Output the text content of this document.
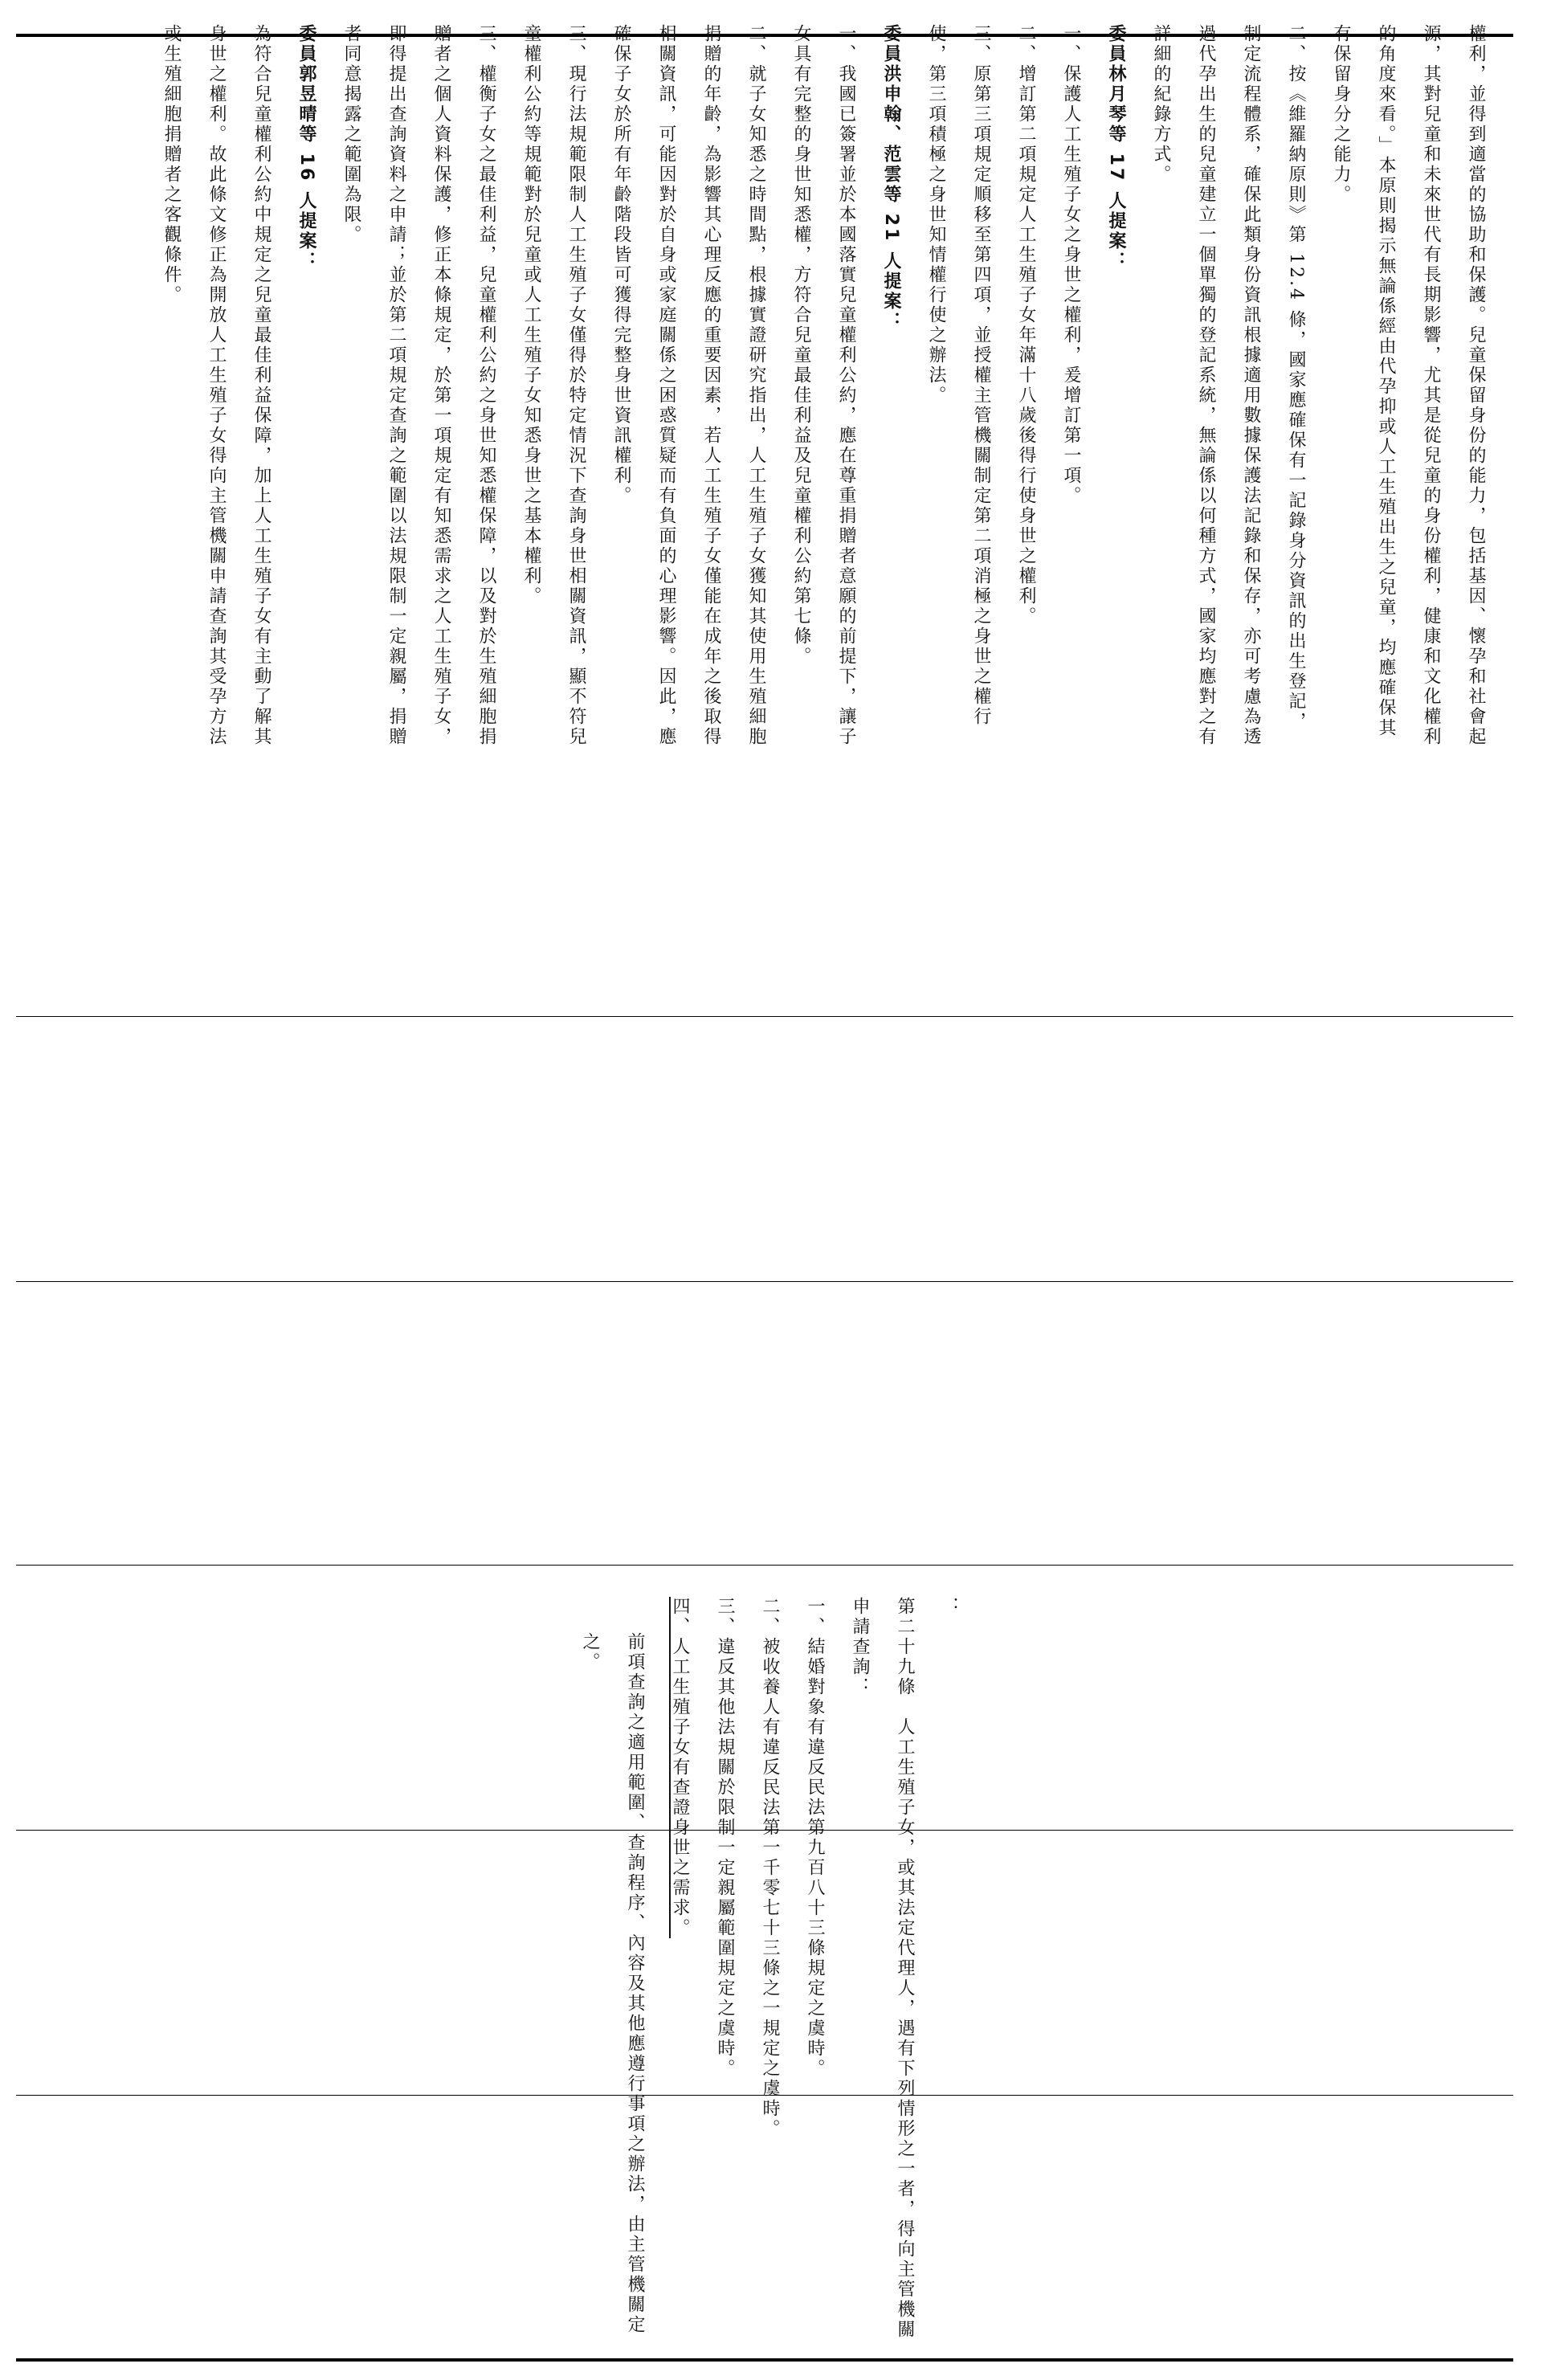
權利，並得到適當的協助和保護。兒童保留身份的能力，包括基因、懷孕和社會起源，其對兒童和未來世代有長期影響，尤其是從兒童的身份權利，健康和文化權利的角度來看。」本原則揭示無論係經由代孕抑或人工生殖出生之兒童，均應確保其有保留身分之能力。
二、按《維羅納原則》第 12.4 條，國家應確保有一記錄身分資訊的出生登記，制定流程體系，確保此類身份資訊根據適用數據保護法記錄和保存，亦可考慮為透過代孕出生的兒童建立一個單獨的登記系統，無論係以何種方式，國家均應對之有詳細的紀錄方式。
委員林月琴等 17 人提案：
一、保護人工生殖子女之身世之權利，爰增訂第一項。
二、增訂第二項規定人工生殖子女年滿十八歲後得行使身世之權利。
三、原第三項規定順移至第四項，並授權主管機關制定第二項消極之身世之權行使，第三項積極之身世知情權行使之辦法。
委員洪申翰、范雲等 21 人提案：
一、我國已簽署並於本國落實兒童權利公約，應在尊重捐贈者意願的前提下，讓子女具有完整的身世知悉權，方符合兒童最佳利益及兒童權利公約第七條。
二、就子女知悉之時間點，根據實證研究指出，人工生殖子女獲知其使用生殖細胞捐贈的年齡，為影響其心理反應的重要因素，若人工生殖子女僅能在成年之後取得相關資訊，可能因對於自身或家庭關係之困惑質疑而有負面的心理影響。因此，應確保子女於所有年齡階段皆可獲得完整身世資訊權利。
三、現行法規範限制人工生殖子女僅得於特定情況下查詢身世相關資訊，顯不符兒童權利公約等規範對於兒童或人工生殖子女知悉身世之基本權利。
三、權衡子女之最佳利益，兒童權利公約之身世知悉權保障，以及對於生殖細胞捐贈者之個人資料保護，修正本條規定，於第一項規定有知悉需求之人工生殖子女，即得提出查詢資料之申請；並於第二項規定查詢之範圍以法規限制一定親屬，捐贈者同意揭露之範圍為限。
委員郭昱晴等 16 人提案：
為符合兒童權利公約中規定之兒童最佳利益保障，加上人工生殖子女有主動了解其身世之權利。故此條文修正為開放人工生殖子女得向主管機關申請查詢其受孕方法或生殖細胞捐贈者之客觀條件。

：
第二十九條　人工生殖子女，或其法定代理人，遇有下列情形之一者，得向主管機關申請查詢：
一、結婚對象有違反民法第九百八十三條規定之虞時。
二、被收養人有違反民法第一千零七十三條之一規定之虞時。
三、違反其他法規關於限制一定親屬範圍規定之虞時。
四、人工生殖子女有查證身世之需求。
前項查詢之適用範圍、查詢程序、內容及其他應遵行事項之辦法，由主管機關定之。
